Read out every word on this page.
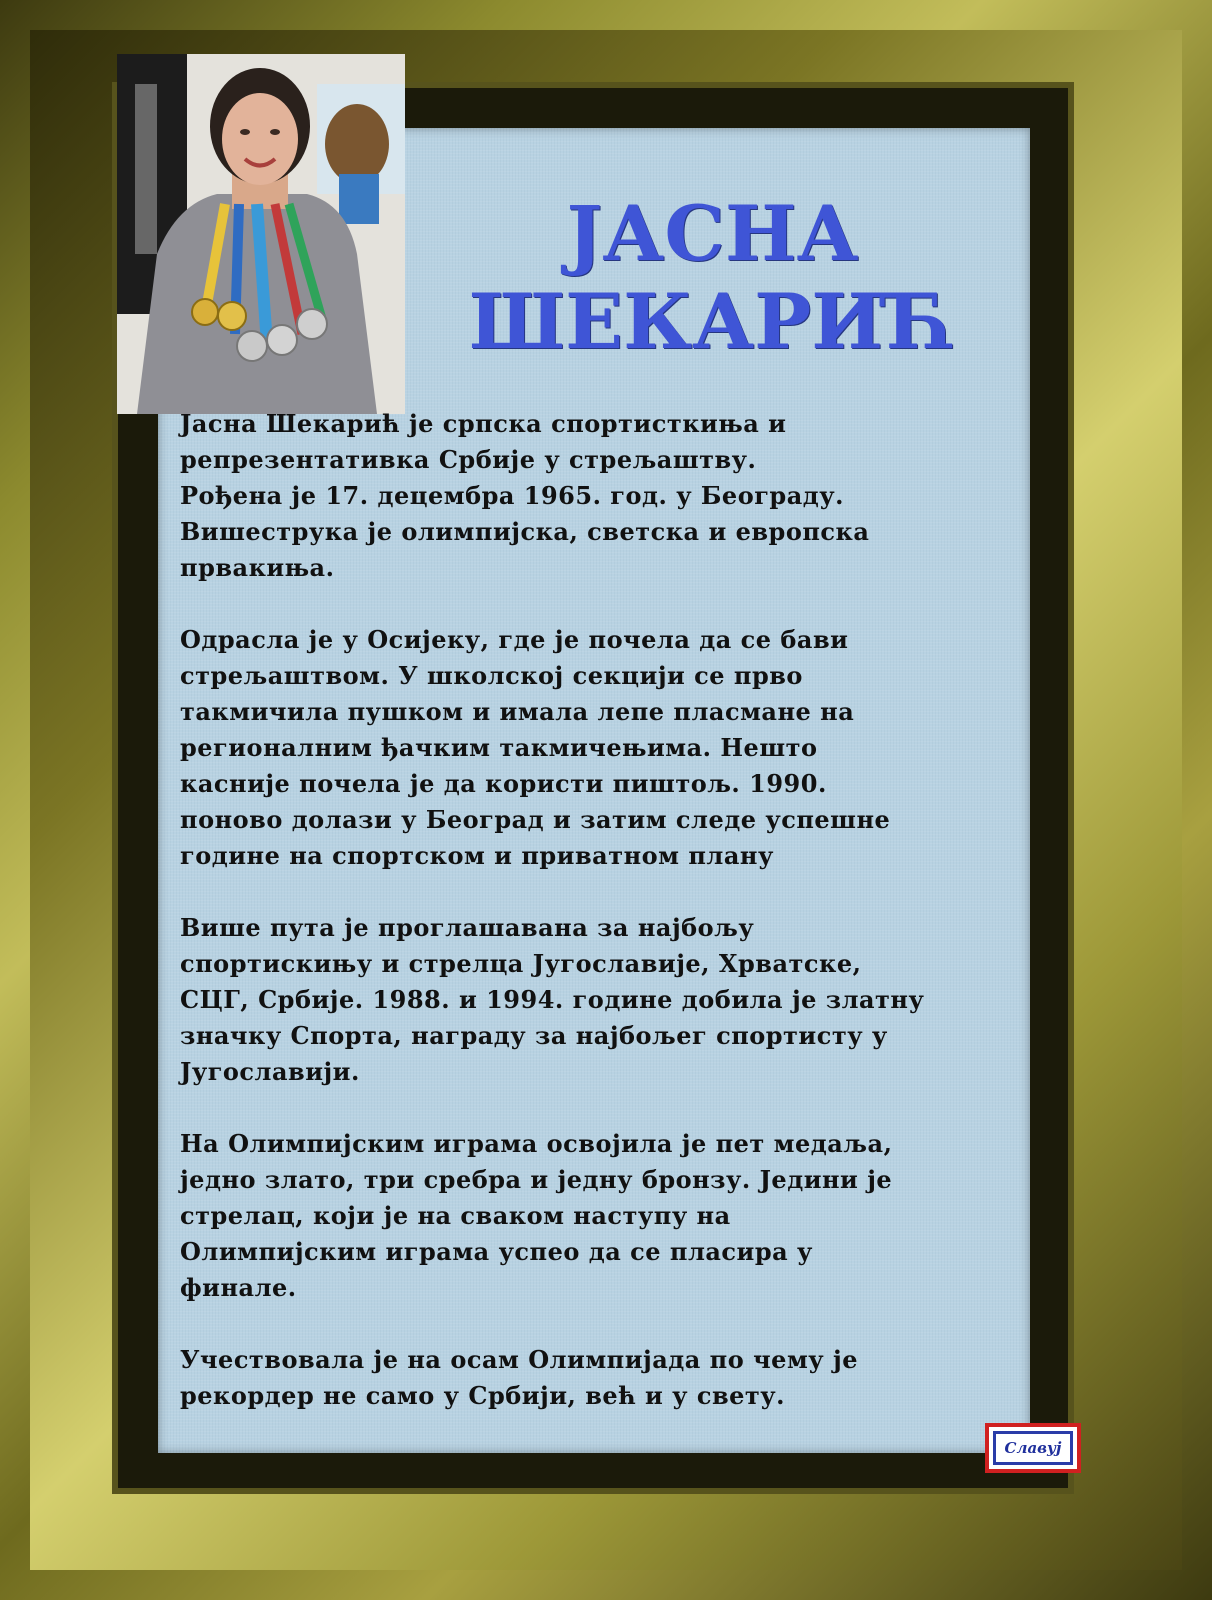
ЈАСНА
ШЕКАРИЋ

Јасна Шекарић је српска спортисткиња и
репрезентативка Србије у стрељаштву.
Рођена је 17. децембра 1965. год. у Београду.
Вишеструка је олимпијска, светска и европска
првакиња.

Одрасла је у Осијеку, где је почела да се бави
стрељаштвом. У школској секцији се прво
такмичила пушком и имала лепе пласмане на
регионалним ђачким такмичењима. Нешто
касније почела је да користи пиштољ. 1990.
поново долази у Београд и затим следе успешне
године на спортском и приватном плану

Више пута је проглашавана за најбољу
спортискињу и стрелца Југославије, Хрватске,
СЦГ, Србије. 1988. и 1994. године добила је златну
значку Спорта, награду за најбољег спортисту у
Југославији.

На Олимпијским играма освојила је пет медаља,
једно злато, три сребра и једну бронзу. Једини је
стрелац, који је на сваком наступу на
Олимпијским играма успео да се пласира у
финале.

Учествовала је на осам Олимпијада по чему је
рекордер не само у Србији, већ и у свету.

Славуј
